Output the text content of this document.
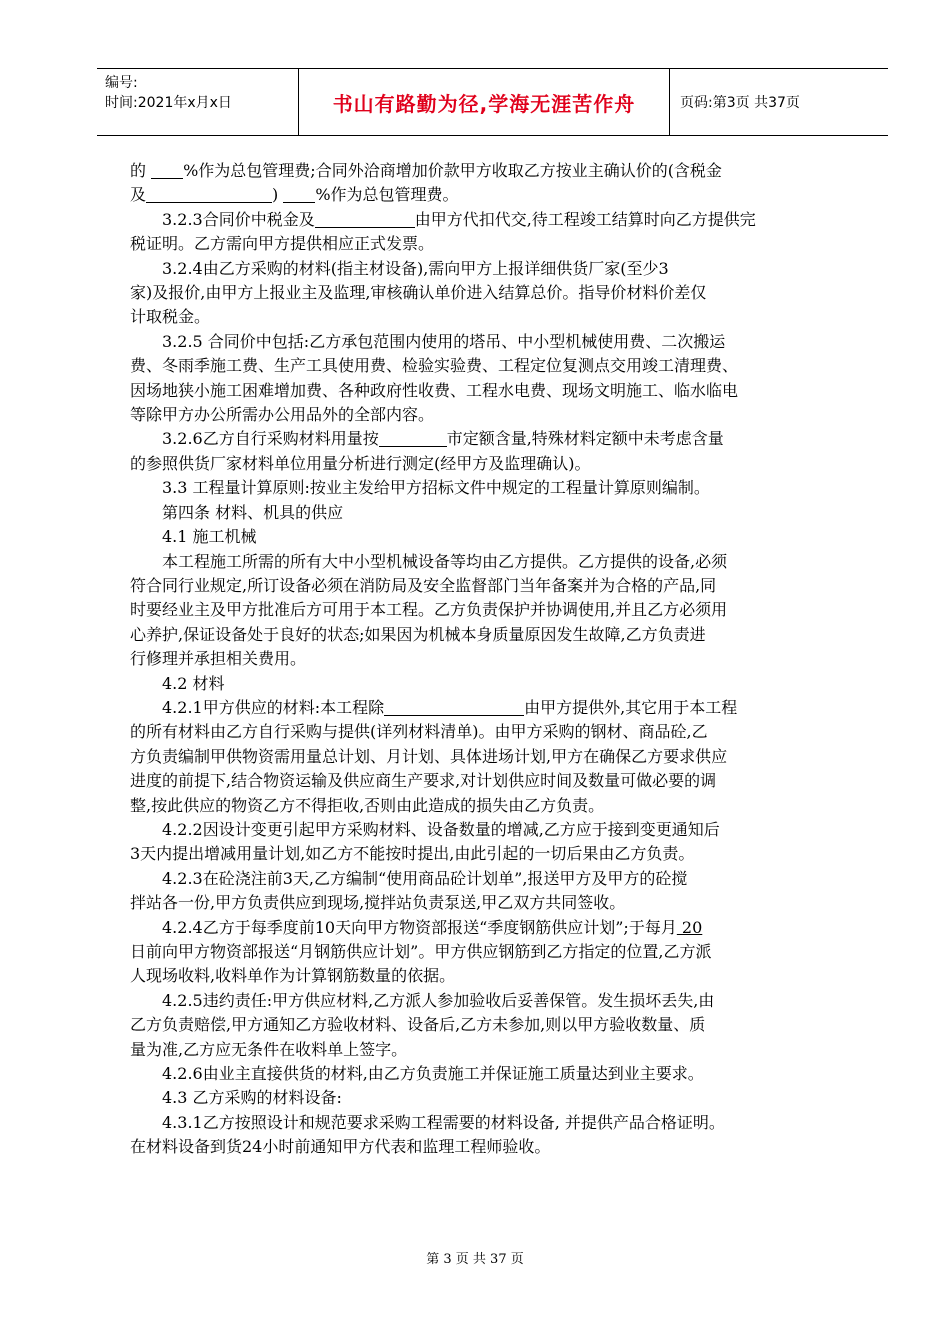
编号:
时间:2021年x月x日	书山有路勤为径,学海无涯苦作舟	页码:第3页 共37页

的 %作为总包管理费;合同外洽商增加价款甲方收取乙方按业主确认价的(含税金

及	) %作为总包管理费。

3.2.3合同价中税金及	由甲方代扣代交,待工程竣工结算时向乙方提供完

税证明。乙方需向甲方提供相应正式发票。

3.2.4由乙方采购的材料(指主材设备),需向甲方上报详细供货厂家(至少3

家)及报价,由甲方上报业主及监理,审核确认单价进入结算总价。指导价材料价差仅

计取税金。

3.2.5 合同价中包括:乙方承包范围内使用的塔吊、中小型机械使用费、二次搬运

费、冬雨季施工费、生产工具使用费、检验实验费、工程定位复测点交用竣工清理费、

因场地狭小施工困难增加费、各种政府性收费、工程水电费、现场文明施工、临水临电

等除甲方办公所需办公用品外的全部内容。

3.2.6乙方自行采购材料用量按	市定额含量,特殊材料定额中未考虑含量

的参照供货厂家材料单位用量分析进行测定(经甲方及监理确认)。

3.3 工程量计算原则:按业主发给甲方招标文件中规定的工程量计算原则编制。

第四条 材料、机具的供应

4.1 施工机械

本工程施工所需的所有大中小型机械设备等均由乙方提供。乙方提供的设备,必须

符合同行业规定,所订设备必须在消防局及安全监督部门当年备案并为合格的产品,同

时要经业主及甲方批准后方可用于本工程。乙方负责保护并协调使用,并且乙方必须用

心养护,保证设备处于良好的状态;如果因为机械本身质量原因发生故障,乙方负责进

行修理并承担相关费用。

4.2 材料

4.2.1甲方供应的材料:本工程除	由甲方提供外,其它用于本工程

的所有材料由乙方自行采购与提供(详列材料清单)。由甲方采购的钢材、商品砼,乙

方负责编制甲供物资需用量总计划、月计划、具体进场计划,甲方在确保乙方要求供应

进度的前提下,结合物资运输及供应商生产要求,对计划供应时间及数量可做必要的调

整,按此供应的物资乙方不得拒收,否则由此造成的损失由乙方负责。

4.2.2因设计变更引起甲方采购材料、设备数量的增减,乙方应于接到变更通知后

3天内提出增减用量计划,如乙方不能按时提出,由此引起的一切后果由乙方负责。

4.2.3在砼浇注前3天,乙方编制“使用商品砼计划单”,报送甲方及甲方的砼搅

拌站各一份,甲方负责供应到现场,搅拌站负责泵送,甲乙双方共同签收。

4.2.4乙方于每季度前10天向甲方物资部报送“季度钢筋供应计划”;于每月 20

日前向甲方物资部报送“月钢筋供应计划”。甲方供应钢筋到乙方指定的位置,乙方派

人现场收料,收料单作为计算钢筋数量的依据。

4.2.5违约责任:甲方供应材料,乙方派人参加验收后妥善保管。发生损坏丢失,由

乙方负责赔偿,甲方通知乙方验收材料、设备后,乙方未参加,则以甲方验收数量、质

量为准,乙方应无条件在收料单上签字。

4.2.6由业主直接供货的材料,由乙方负责施工并保证施工质量达到业主要求。

4.3 乙方采购的材料设备:

4.3.1乙方按照设计和规范要求采购工程需要的材料设备, 并提供产品合格证明。

在材料设备到货24小时前通知甲方代表和监理工程师验收。

第 3 页 共 37 页
